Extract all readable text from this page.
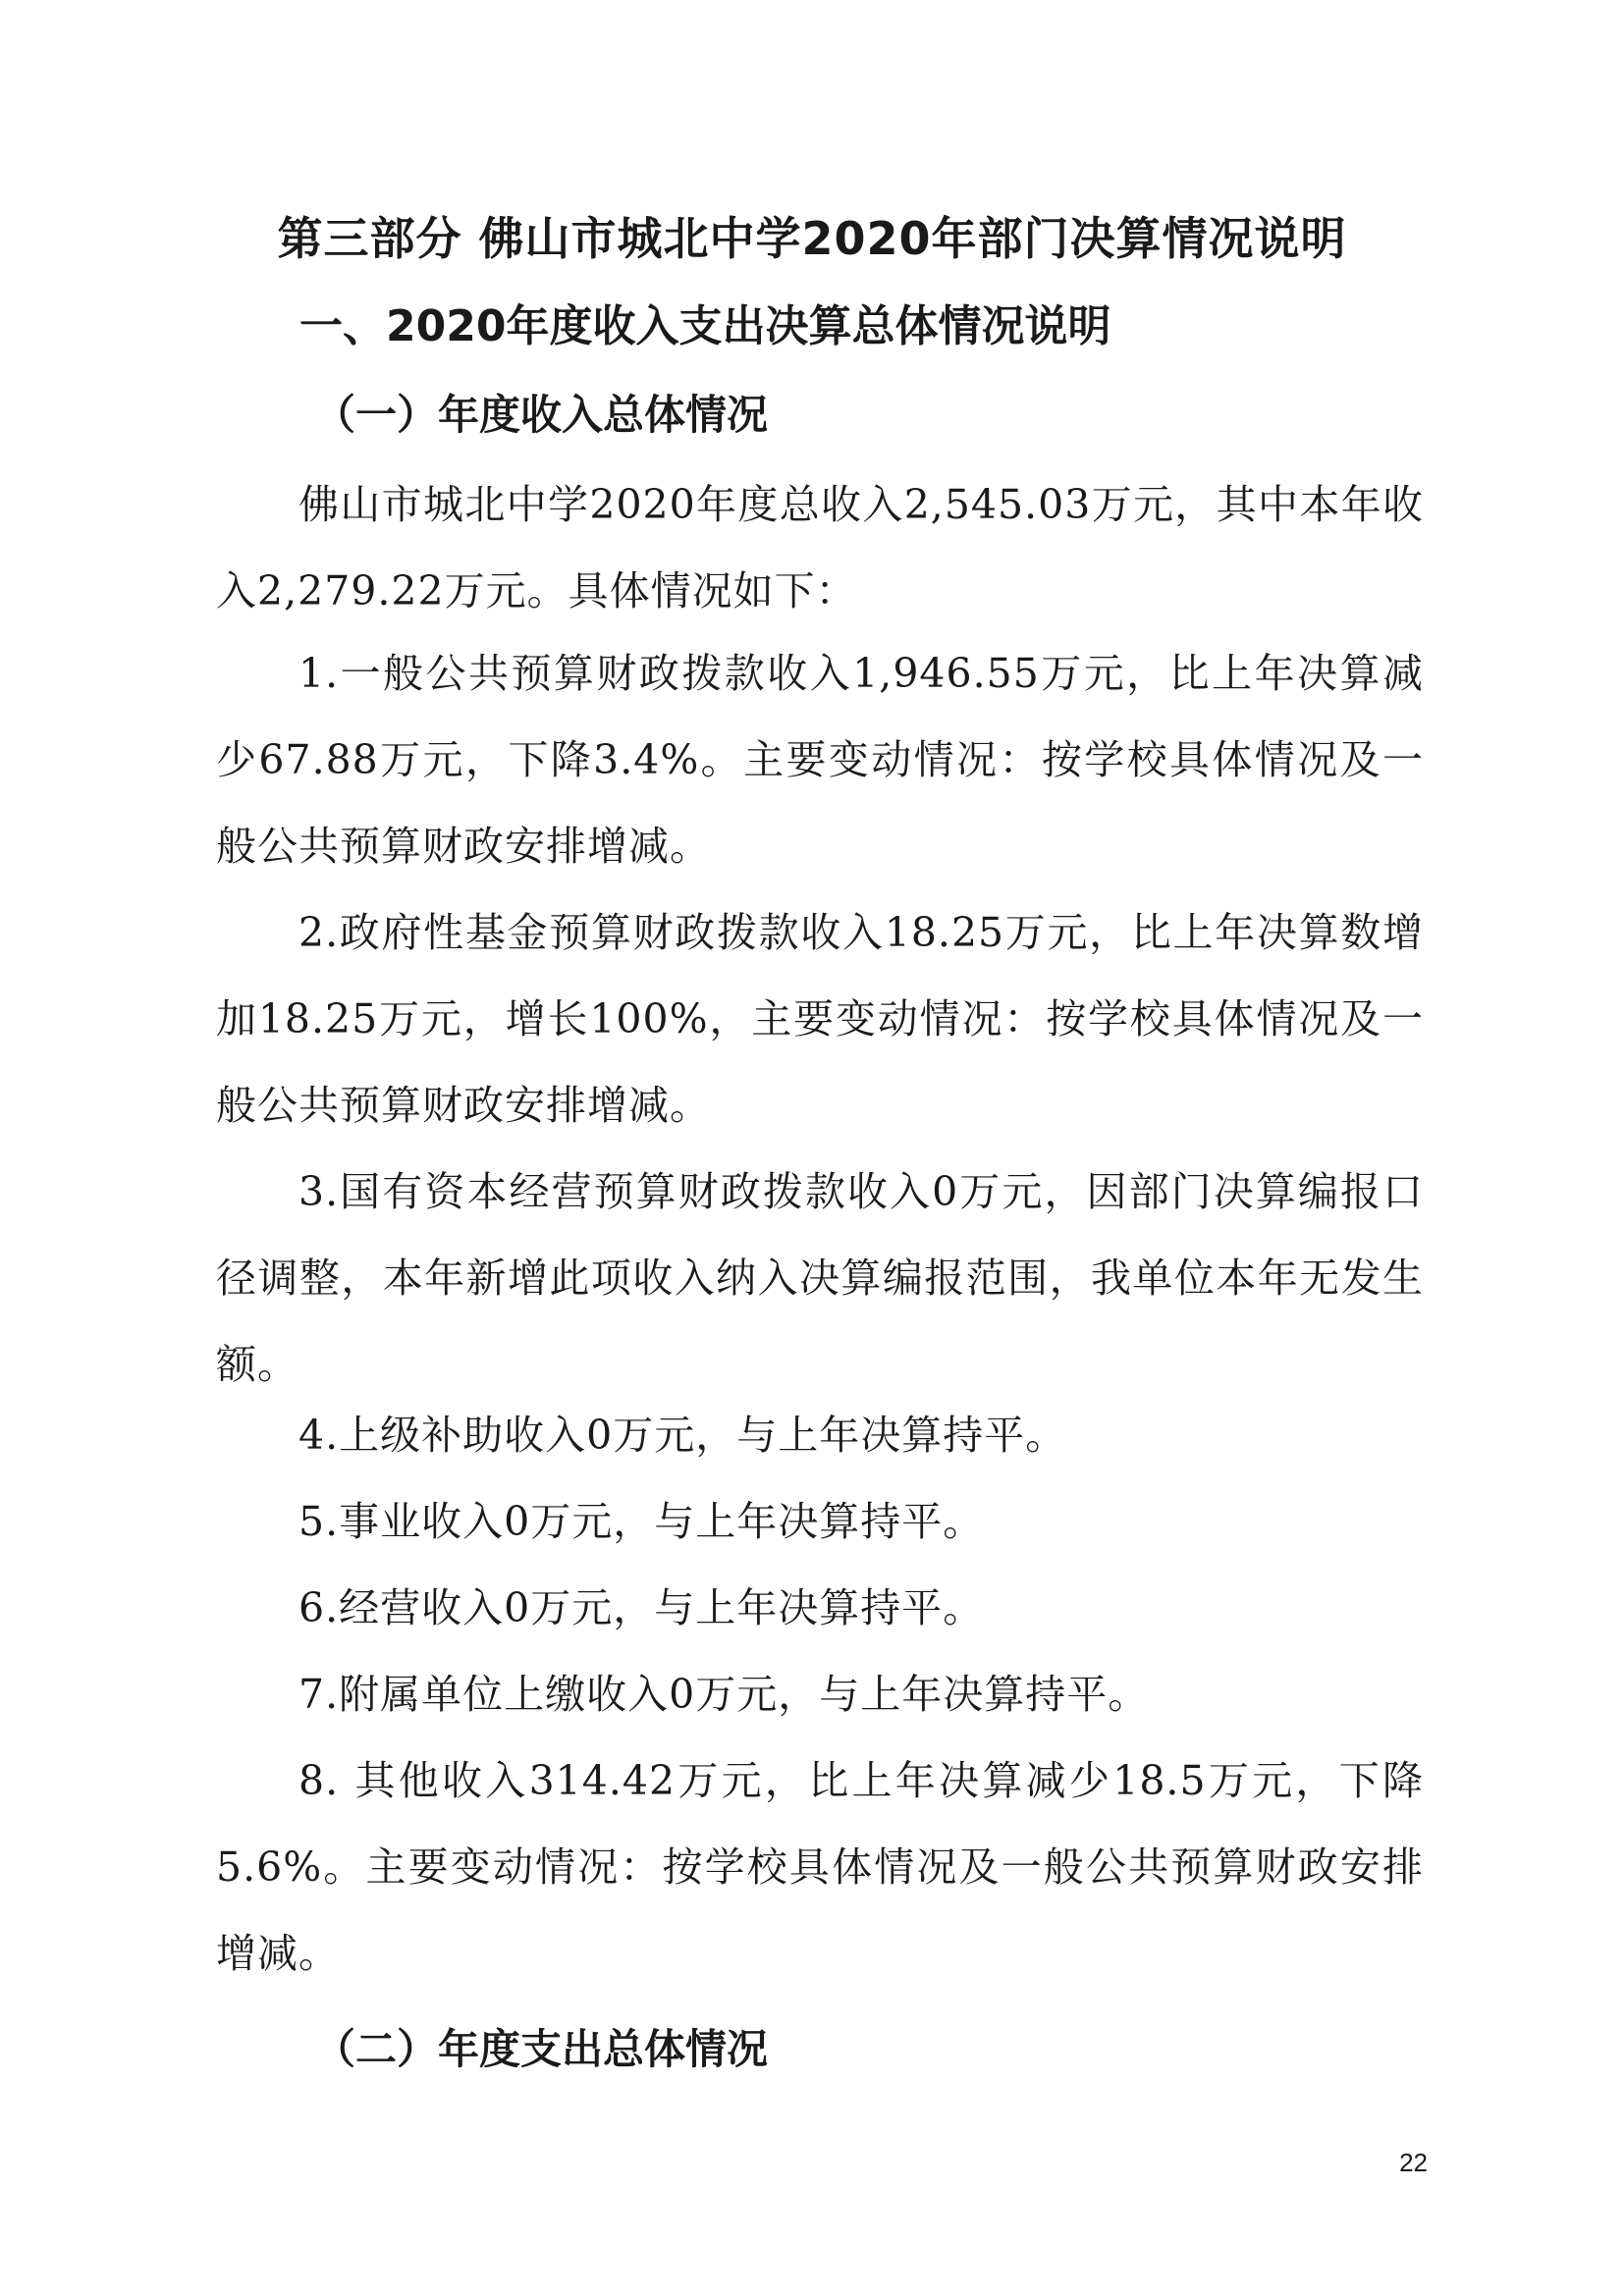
第三部分 佛山市城北中学2020年部门决算情况说明
一、2020年度收入支出决算总体情况说明
（一）年度收入总体情况
佛山市城北中学2020年度总收入2,545.03万元，其中本年收入2,279.22万元。具体情况如下：
1.一般公共预算财政拨款收入1,946.55万元，比上年决算减少67.88万元，下降3.4%。主要变动情况：按学校具体情况及一般公共预算财政安排增减。
2.政府性基金预算财政拨款收入18.25万元，比上年决算数增加18.25万元，增长100%，主要变动情况：按学校具体情况及一般公共预算财政安排增减。
3.国有资本经营预算财政拨款收入0万元，因部门决算编报口径调整，本年新增此项收入纳入决算编报范围，我单位本年无发生额。
4.上级补助收入0万元，与上年决算持平。
5.事业收入0万元，与上年决算持平。
6.经营收入0万元，与上年决算持平。
7.附属单位上缴收入0万元，与上年决算持平。
8. 其他收入314.42万元，比上年决算减少18.5万元，下降5.6%。主要变动情况：按学校具体情况及一般公共预算财政安排增减。
（二）年度支出总体情况
22
